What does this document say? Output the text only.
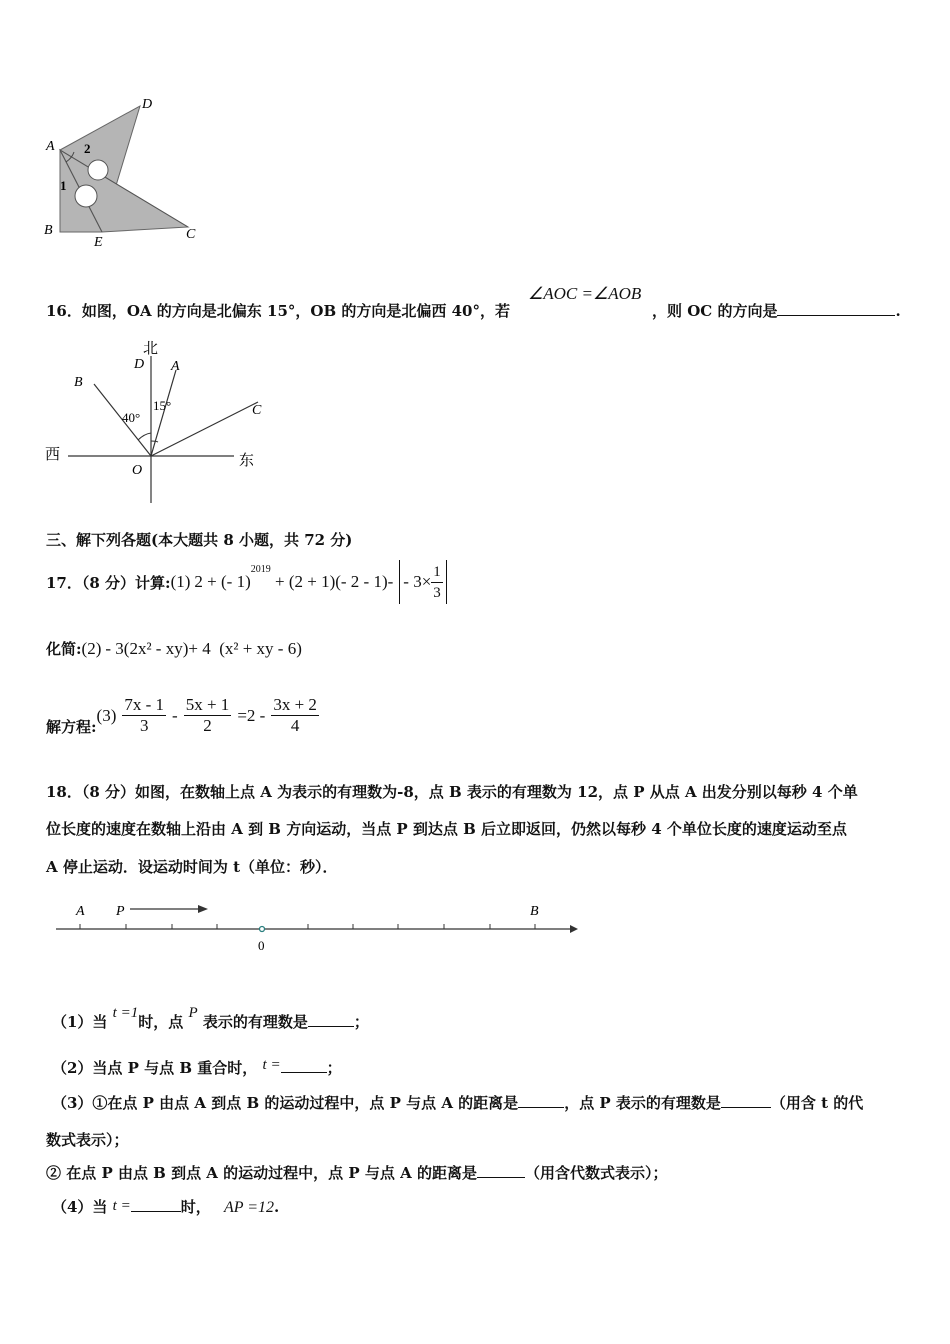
A
D
B
E
C
1
2
16．如图，OA 的方向是北偏东 15°，OB 的方向是北偏西 40°，若
∠AOC =∠AOB
，则 OC 的方向是	.
北
D A
B
C
O
西	东
40°
15°
三、解下列各题(本大题共 8 小题，共 72 分)
17．（8 分）计算: (1) 2 + (- 1)
$^{2019}$
+ (2 + 1)(- $2 - 1)- - 3\times \frac{1}{3}$
化简: (2) - 3(2x² - xy)+ 4  (x² + xy - 6)
解方程:
$(3) \frac{7x - 1}{3} - \frac{5x + 1}{2} =2 - \frac{3x + 2}{4}$
18．（8 分）如图，在数轴上点 A 为表示的有理数为-8，点 B 表示的有理数为 12，点 P 从点 A 出发分别以每秒 4 个单
位长度的速度在数轴上沿由 A 到 B 方向运动，当点 P 到达点 B 后立即返回，仍然以每秒 4 个单位长度的速度运动至点
A 停止运动．设运动时间为 t（单位：秒）．
A P	B
0
（1）当 t =1时，点 P 表示的有理数是	；
（2）当点 P 与点 B 重合时， t =	；
（3）①在点 P 由点 A 到点 B 的运动过程中，点 P 与点 A 的距离是	，点 P 表示的有理数是	（用含 t 的代
数式表示）；
② 在点 P 由点 B 到点 A 的运动过程中，点 P 与点 A 的距离是	（用含代数式表示）；
（4）当 t =	时， AP =12.
